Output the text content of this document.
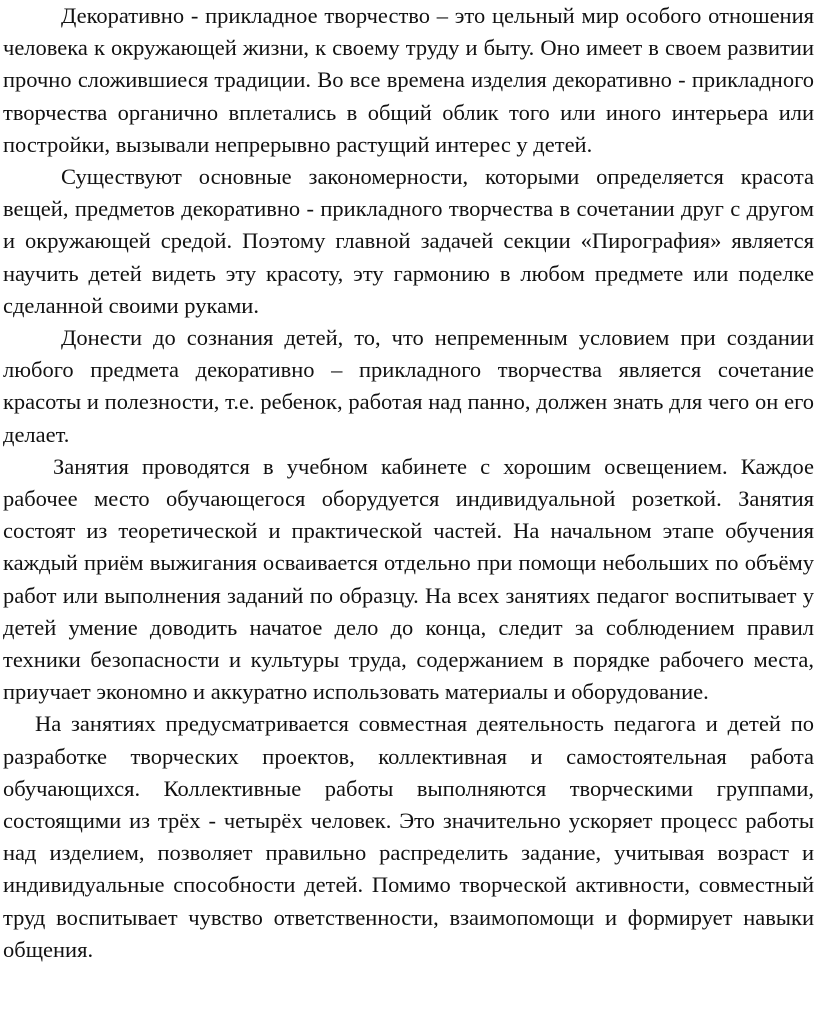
Декоративно - прикладное творчество – это цельный мир особого отношения человека к окружающей жизни, к своему труду и быту. Оно имеет в своем развитии прочно сложившиеся традиции. Во все времена изделия декоративно - прикладного творчества органично вплетались в общий облик того или иного интерьера или постройки, вызывали непрерывно растущий интерес у детей.

Существуют основные закономерности, которыми определяется красота вещей, предметов декоративно - прикладного творчества в сочетании друг с другом и окружающей средой. Поэтому главной задачей секции «Пирография» является научить детей видеть эту красоту, эту гармонию в любом предмете или поделке сделанной своими руками.

Донести до сознания детей, то, что непременным условием при создании любого предмета декоративно – прикладного творчества является сочетание красоты и полезности, т.е. ребенок, работая над панно, должен знать для чего он его делает.

Занятия проводятся в учебном кабинете с хорошим освещением. Каждое рабочее место обучающегося оборудуется индивидуальной розеткой. Занятия состоят из теоретической и практической частей. На начальном этапе обучения каждый приём выжигания осваивается отдельно при помощи небольших по объёму работ или выполнения заданий по образцу. На всех занятиях педагог воспитывает у детей умение доводить начатое дело до конца, следит за соблюдением правил техники безопасности и культуры труда, содержанием в порядке рабочего места, приучает экономно и аккуратно использовать материалы и оборудование.

На занятиях предусматривается совместная деятельность педагога и детей по разработке творческих проектов, коллективная и самостоятельная работа обучающихся. Коллективные работы выполняются творческими группами, состоящими из трёх - четырёх человек. Это значительно ускоряет процесс работы над изделием, позволяет правильно распределить задание, учитывая возраст и индивидуальные способности детей. Помимо творческой активности, совместный труд воспитывает чувство ответственности, взаимопомощи и формирует навыки общения.
